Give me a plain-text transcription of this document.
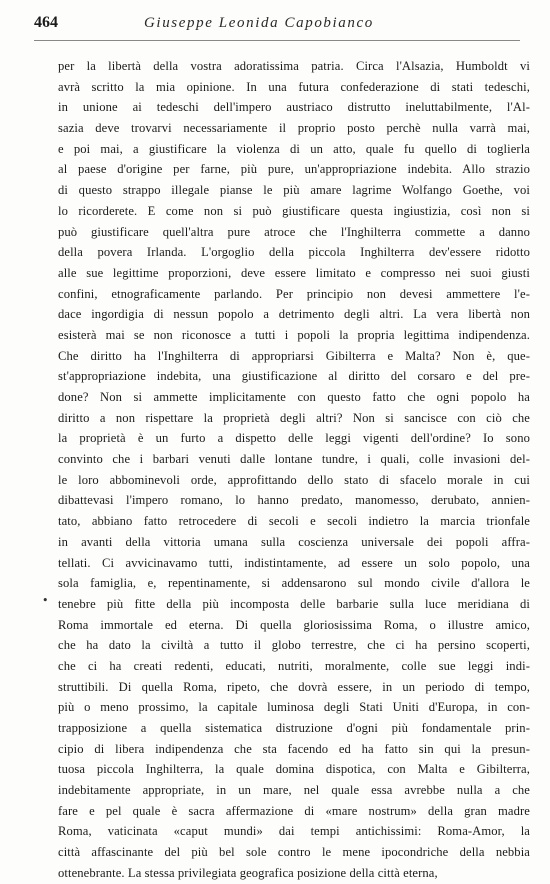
464	Giuseppe Leonida Capobianco
•
per la libertà della vostra adoratissima patria. Circa l'Alsazia, Humboldt vi
avrà scritto la mia opinione. In una futura confederazione di stati tedeschi,
in unione ai tedeschi dell'impero austriaco distrutto ineluttabilmente, l'Al-
sazia deve trovarvi necessariamente il proprio posto perchè nulla varrà mai,
e poi mai, a giustificare la violenza di un atto, quale fu quello di toglierla
al paese d'origine per farne, più pure, un'appropriazione indebita. Allo strazio
di questo strappo illegale pianse le più amare lagrime Wolfango Goethe, voi
lo ricorderete. E come non si può giustificare questa ingiustizia, così non si
può giustificare quell'altra pure atroce che l'Inghilterra commette a danno
della povera Irlanda. L'orgoglio della piccola Inghilterra dev'essere ridotto
alle sue legittime proporzioni, deve essere limitato e compresso nei suoi giusti
confini, etnograficamente parlando. Per principio non devesi ammettere l'e-
dace ingordigia di nessun popolo a detrimento degli altri. La vera libertà non
esisterà mai se non riconosce a tutti i popoli la propria legittima indipendenza.
Che diritto ha l'Inghilterra di appropriarsi Gibilterra e Malta? Non è, que-
st'appropriazione indebita, una giustificazione al diritto del corsaro e del pre-
done? Non si ammette implicitamente con questo fatto che ogni popolo ha
diritto a non rispettare la proprietà degli altri? Non si sancisce con ciò che
la proprietà è un furto a dispetto delle leggi vigenti dell'ordine? Io sono
convinto che i barbari venuti dalle lontane tundre, i quali, colle invasioni del-
le loro abbominevoli orde, approfittando dello stato di sfacelo morale in cui
dibattevasi l'impero romano, lo hanno predato, manomesso, derubato, annien-
tato, abbiano fatto retrocedere di secoli e secoli indietro la marcia trionfale
in avanti della vittoria umana sulla coscienza universale dei popoli affra-
tellati. Ci avvicinavamo tutti, indistintamente, ad essere un solo popolo, una
sola famiglia, e, repentinamente, si addensarono sul mondo civile d'allora le
tenebre più fitte della più incomposta delle barbarie sulla luce meridiana di
Roma immortale ed eterna. Di quella gloriosissima Roma, o illustre amico,
che ha dato la civiltà a tutto il globo terrestre, che ci ha persino scoperti,
che ci ha creati redenti, educati, nutriti, moralmente, colle sue leggi indi-
struttibili. Di quella Roma, ripeto, che dovrà essere, in un periodo di tempo,
più o meno prossimo, la capitale luminosa degli Stati Uniti d'Europa, in con-
trapposizione a quella sistematica distruzione d'ogni più fondamentale prin-
cipio di libera indipendenza che sta facendo ed ha fatto sin qui la presun-
tuosa piccola Inghilterra, la quale domina dispotica, con Malta e Gibilterra,
indebitamente appropriate, in un mare, nel quale essa avrebbe nulla a che
fare e pel quale è sacra affermazione di «mare nostrum» della gran madre
Roma, vaticinata «caput mundi» dai tempi antichissimi: Roma-Amor, la
città affascinante del più bel sole contro le mene ipocondriche della nebbia
ottenebrante. La stessa privilegiata geografica posizione della città eterna,
